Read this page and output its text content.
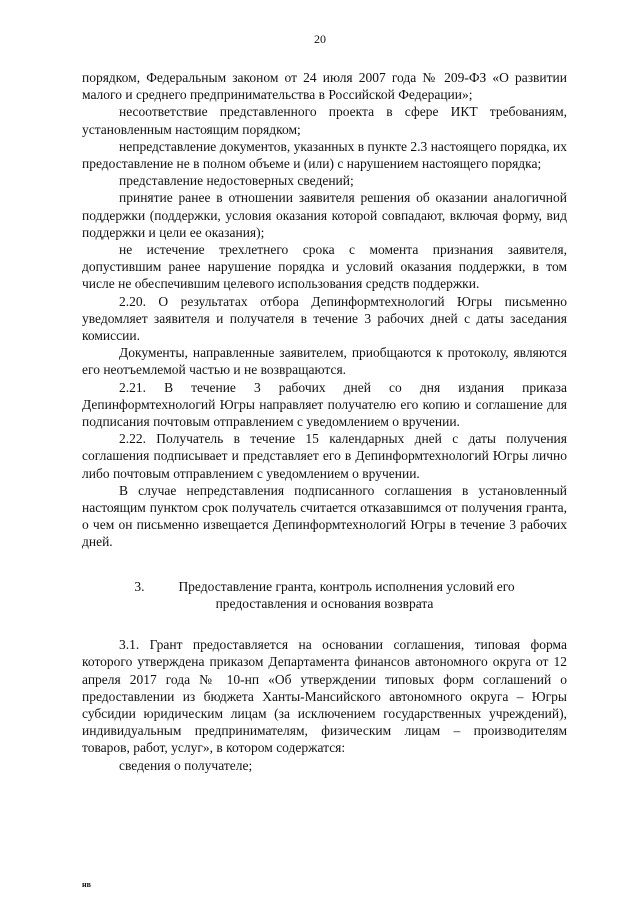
20

порядком, Федеральным законом от 24 июля 2007 года № 209-ФЗ «О развитии малого и среднего предпринимательства в Российской Федерации»;

несоответствие представленного проекта в сфере ИКТ требованиям, установленным настоящим порядком;

непредставление документов, указанных в пункте 2.3 настоящего порядка, их предоставление не в полном объеме и (или) с нарушением настоящего порядка;

представление недостоверных сведений;

принятие ранее в отношении заявителя решения об оказании аналогичной поддержки (поддержки, условия оказания которой совпадают, включая форму, вид поддержки и цели ее оказания);

не истечение трехлетнего срока с момента признания заявителя, допустившим ранее нарушение порядка и условий оказания поддержки, в том числе не обеспечившим целевого использования средств поддержки.

2.20. О результатах отбора Депинформтехнологий Югры письменно уведомляет заявителя и получателя в течение 3 рабочих дней с даты заседания комиссии.

Документы, направленные заявителем, приобщаются к протоколу, являются его неотъемлемой частью и не возвращаются.

2.21. В течение 3 рабочих дней со дня издания приказа Депинформтехнологий Югры направляет получателю его копию и соглашение для подписания почтовым отправлением с уведомлением о вручении.

2.22. Получатель в течение 15 календарных дней с даты получения соглашения подписывает и представляет его в Депинформтехнологий Югры лично либо почтовым отправлением с уведомлением о вручении.

В случае непредставления подписанного соглашения в установленный настоящим пунктом срок получатель считается отказавшимся от получения гранта, о чем он письменно извещается Депинформтехнологий Югры в течение 3 рабочих дней.

3.	Предоставление гранта, контроль исполнения условий его
предоставления и основания возврата

3.1. Грант предоставляется на основании соглашения, типовая форма которого утверждена приказом Департамента финансов автономного округа от 12 апреля 2017 года № 10-нп «Об утверждении типовых форм соглашений о предоставлении из бюджета Ханты-Мансийского автономного округа – Югры субсидии юридическим лицам (за исключением государственных учреждений), индивидуальным предпринимателям, физическим лицам – производителям товаров, работ, услуг», в котором содержатся:

сведения о получателе;

нв
